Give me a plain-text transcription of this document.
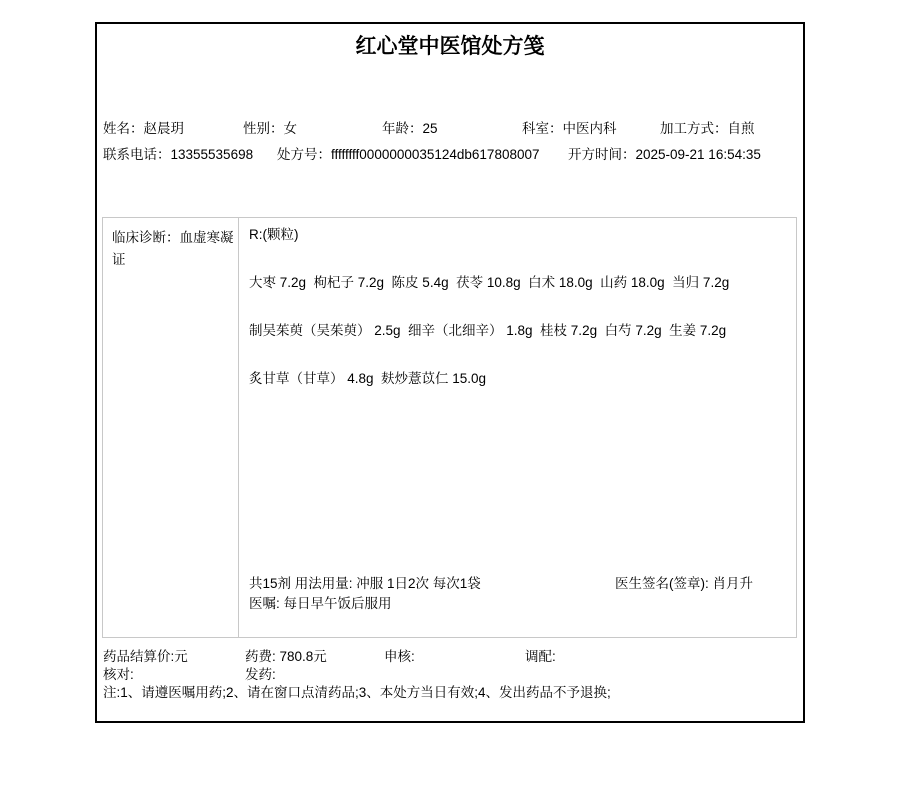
红心堂中医馆处方笺
姓名：赵晨玥	性别：女	年龄：25	科室：中医内科	加工方式：自煎
联系电话：13355535698 处方号：ffffffff0000000035124db617808007 开方时间：2025-09-21 16:54:35
临床诊断：血虚寒凝证
R:(颗粒)
大枣 7.2g  枸杞子 7.2g  陈皮 5.4g  茯苓 10.8g  白术 18.0g  山药 18.0g  当归 7.2g
制吴茱萸（吴茱萸） 2.5g  细辛（北细辛） 1.8g  桂枝 7.2g  白芍 7.2g  生姜 7.2g
炙甘草（甘草） 4.8g  麸炒薏苡仁 15.0g
共15剂 用法用量: 冲服 1日2次 每次1袋	医生签名(签章): 肖月升
医嘱: 每日早午饭后服用
药品结算价:元	药费: 780.8元	申核:	调配:
核对:	发药:
注:1、请遵医嘱用药;2、请在窗口点清药品;3、本处方当日有效;4、发出药品不予退换;
